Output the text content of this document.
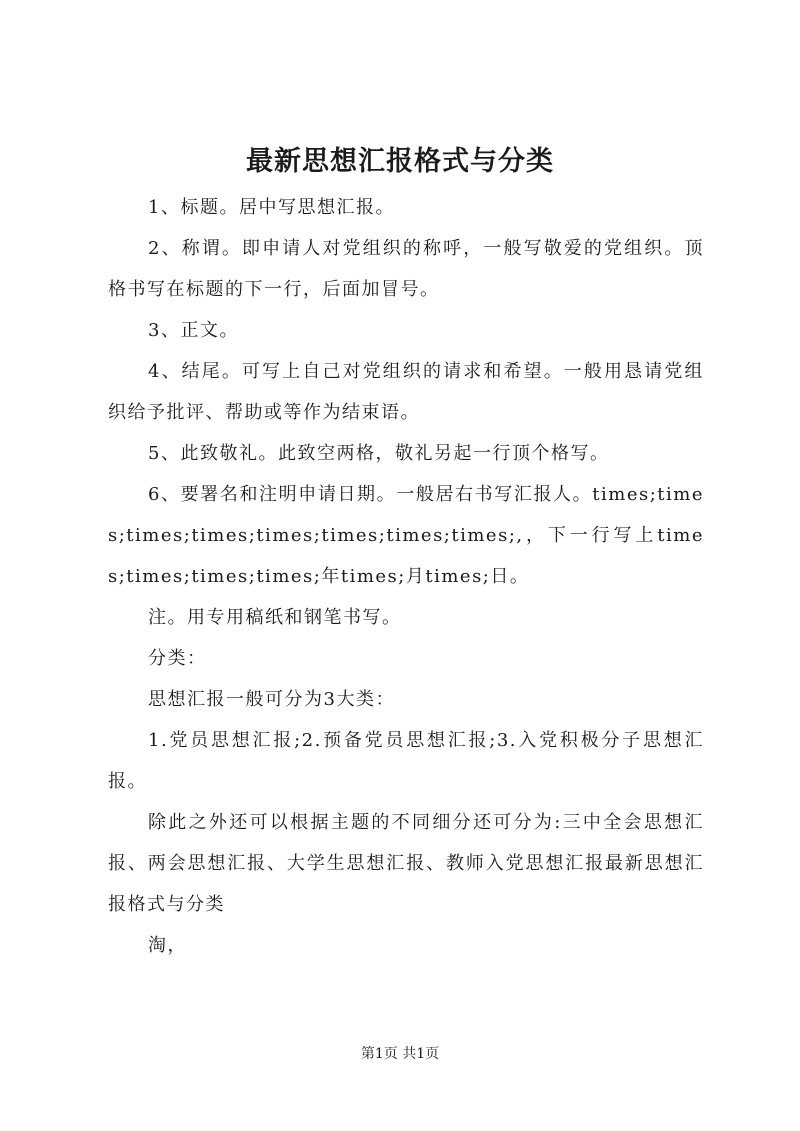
最新思想汇报格式与分类

1、标题。居中写思想汇报。

2、称谓。即申请人对党组织的称呼，一般写敬爱的党组织。顶格书写在标题的下一行，后面加冒号。

3、正文。

4、结尾。可写上自己对党组织的请求和希望。一般用恳请党组织给予批评、帮助或等作为结束语。

5、此致敬礼。此致空两格，敬礼另起一行顶个格写。

6、要署名和注明申请日期。一般居右书写汇报人。times;times;times;times;times;times;times;times;,，下一行写上times;times;times;times;年times;月times;日。

注。用专用稿纸和钢笔书写。

分类：

思想汇报一般可分为3大类：

1.党员思想汇报;2.预备党员思想汇报;3.入党积极分子思想汇报。

除此之外还可以根据主题的不同细分还可分为:三中全会思想汇报、两会思想汇报、大学生思想汇报、教师入党思想汇报最新思想汇报格式与分类

淘，

第1页 共1页
